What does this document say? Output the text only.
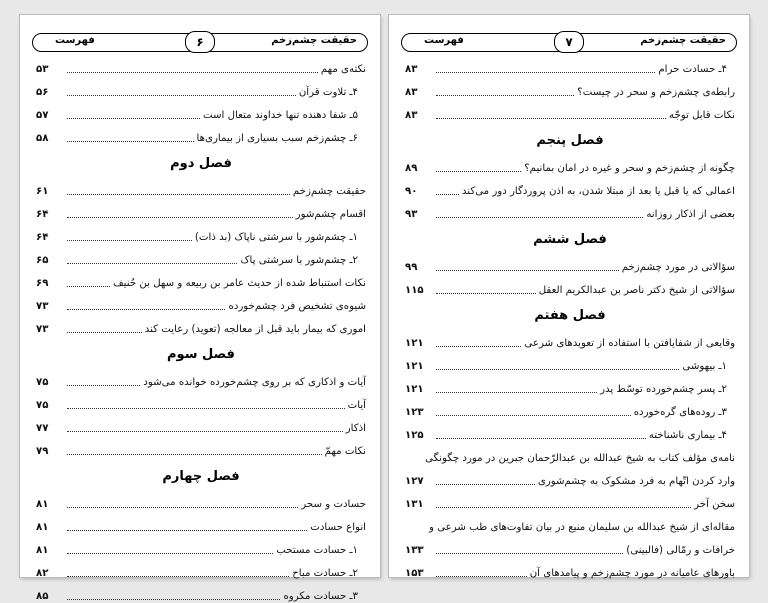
حقیقت چشم‌زخم
۶
فهرست
نکته‌ی مهم
۵۳
۴ـ تلاوت قرآن
۵۶
۵ـ شفا دهنده تنها خداوند متعال است
۵۷
۶ـ چشم‌زخم سبب بسیاری از بیماری‌ها
۵۸
فصل دوم
حقیقت چشم‌زخم
۶۱
اقسام چشم‌شور
۶۴
۱ـ چشم‌شور با سرشتی ناپاک (بد ذات)
۶۴
۲ـ چشم‌شور با سرشتی پاک
۶۵
نکات استنباط شده از حدیث عامر بن ربیعه و سهل بن حُنیف
۶۹
شیوه‌ی تشخیص فرد چشم‌خورده
۷۳
اموری که بیمار باید قبل از معالجه (تعوید) رعایت کند
۷۳
فصل سوم
آیات و اذکاری که بر روی چشم‌خورده خوانده می‌شود
۷۵
آیات
۷۵
اذکار
۷۷
نکات مهمّ
۷۹
فصل چهارم
حسادت و سحر
۸۱
انواع حسادت
۸۱
۱ـ حسادت مستحب
۸۱
۲ـ حسادت مباح
۸۲
۳ـ حسادت مکروه
۸۵
حقیقت چشم‌زخم
۷
فهرست
۴ـ حسادت حرام
۸۳
رابطه‌ی چشم‌زخم و سحر در چیست؟
۸۳
نکات قابل توجّه
۸۳
فصل پنجم
چگونه از چشم‌زخم و سحر و غیره در امان بمانیم؟
۸۹
اعمالی که یا قبل یا بعد از مبتلا شدن، به اذن پروردگار دور می‌کند
۹۰
بعضی از اذکار روزانه
۹۳
فصل ششم
سؤالاتی در مورد چشم‌زخم
۹۹
سؤالاتی از شیخ دکتر ناصر بن عبدالکریم العقل
۱۱۵
فصل هفتم
وقایعی از شفایافتن با استفاده از تعویدهای شرعی
۱۲۱
۱ـ بیهوشی
۱۲۱
۲ـ پسر چشم‌خورده توسّط پدر
۱۲۱
۳ـ روده‌های گره‌خورده
۱۲۳
۴ـ بیماری ناشناخته
۱۲۵
نامه‌ی مؤلف کتاب به شیخ عبدالله بن عبدالرّحمان جبرین در مورد چگونگی
وارد کردن اتّهام به فرد مشکوک به چشم‌شوری
۱۲۷
سخن آخر
۱۳۱
مقاله‌ای از شیخ عبدالله بن سلیمان منیع در بیان تفاوت‌های طب شرعی و
خرافات و رمّالی (فالبینی)
۱۳۳
باورهای عامیانه در مورد چشم‌زخم و پیامدهای آن
۱۵۳
